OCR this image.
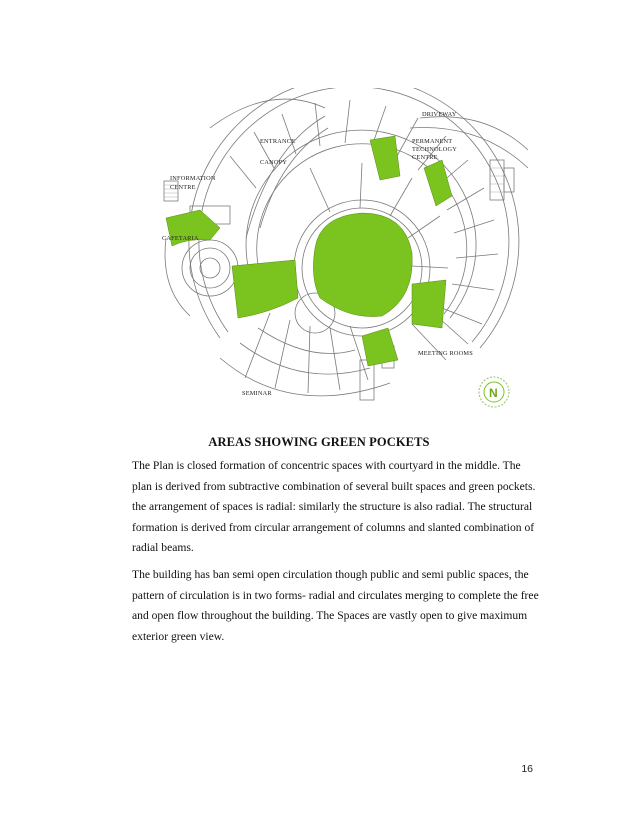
DRIVEWAY
ENTRANCE
CANOPY
INFORMATION
CENTRE
CAFETARIA
PERMANENT
TECHNOLOGY
CENTRE
MEETING ROOMS
SEMINAR	N
AREAS SHOWING GREEN POCKETS

The Plan is closed formation of concentric spaces with courtyard in the middle. The plan is derived from subtractive combination of several built spaces and green pockets. the arrangement of spaces is radial: similarly the structure is also radial. The structural formation is derived from circular arrangement of columns and slanted combination of radial beams.

The building has ban semi open circulation though public and semi public spaces, the pattern of circulation is in two forms- radial and circulates merging to complete the free and open flow throughout the building. The Spaces are vastly open to give maximum exterior green view.

16
